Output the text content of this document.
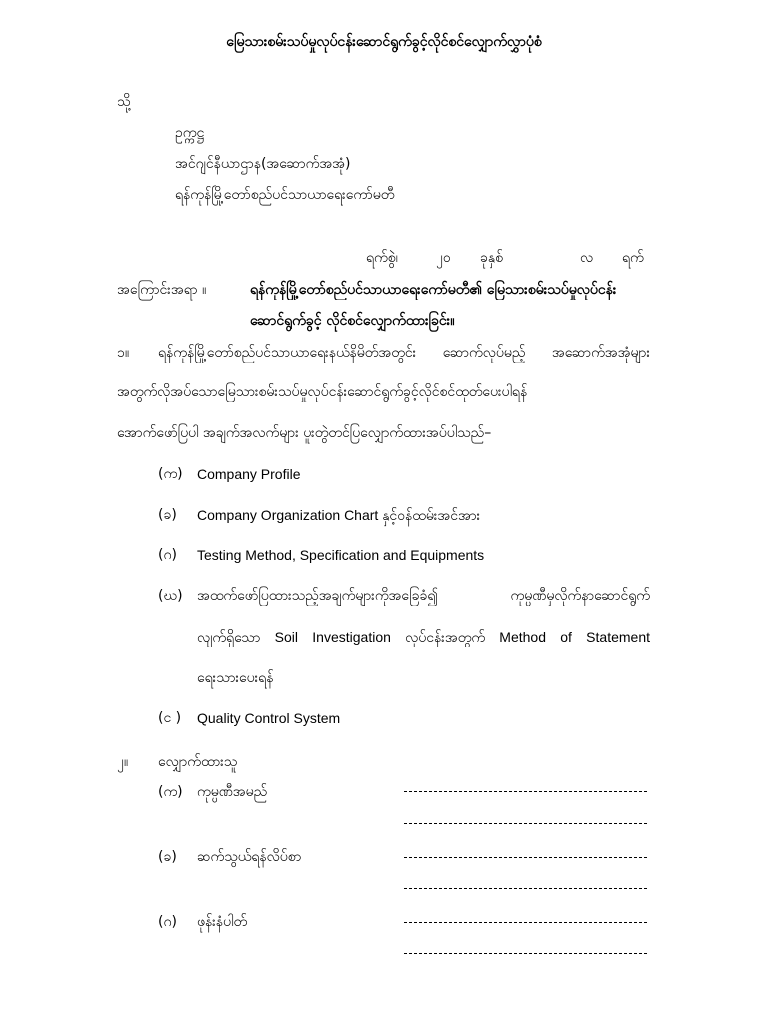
မြေသားစမ်းသပ်မှုလုပ်ငန်းဆောင်ရွက်ခွင့်လိုင်စင်လျှောက်လွှာပုံစံ
သို့
ဥက္ကဋ္ဌ
အင်ဂျင်နီယာဌာန(အဆောက်အအုံ)
ရန်ကုန်မြို့တော်စည်ပင်သာယာရေးကော်မတီ
ရက်စွဲ၊	၂၀ ခုနှစ်	လ ရက်
အကြောင်းအရာ ။	ရန်ကုန်မြို့တော်စည်ပင်သာယာရေးကော်မတီ၏ မြေသားစမ်းသပ်မှုလုပ်ငန်း
ဆောင်ရွက်ခွင့် လိုင်စင်လျှောက်ထားခြင်း။
၁။ ရန်ကုန်မြို့တော်စည်ပင်သာယာရေးနယ်နိမိတ်အတွင်း ဆောက်လုပ်မည့် အဆောက်အအုံများ
အတွက်လိုအပ်သောမြေသားစမ်းသပ်မှုလုပ်ငန်းဆောင်ရွက်ခွင့်လိုင်စင်ထုတ်ပေးပါရန်
အောက်ဖော်ပြပါ အချက်အလက်များ ပူးတွဲတင်ပြလျှောက်ထားအပ်ပါသည်–
(က) Company Profile
(ခ) Company Organization Chart နှင့်ဝန်ထမ်းအင်အား
(ဂ) Testing Method, Specification and Equipments
(ဃ) အထက်ဖော်ပြထားသည့်အချက်များကိုအခြေခံ၍ ကုမ္ပဏီမှလိုက်နာဆောင်ရွက်
လျက်ရှိသော Soil Investigation လုပ်ငန်းအတွက် Method of Statement
ရေးသားပေးရန်
(င ) Quality Control System
၂။ လျှောက်ထားသူ
(က) ကုမ္ပဏီအမည်
(ခ) ဆက်သွယ်ရန်လိပ်စာ
(ဂ) ဖုန်းနံပါတ်
